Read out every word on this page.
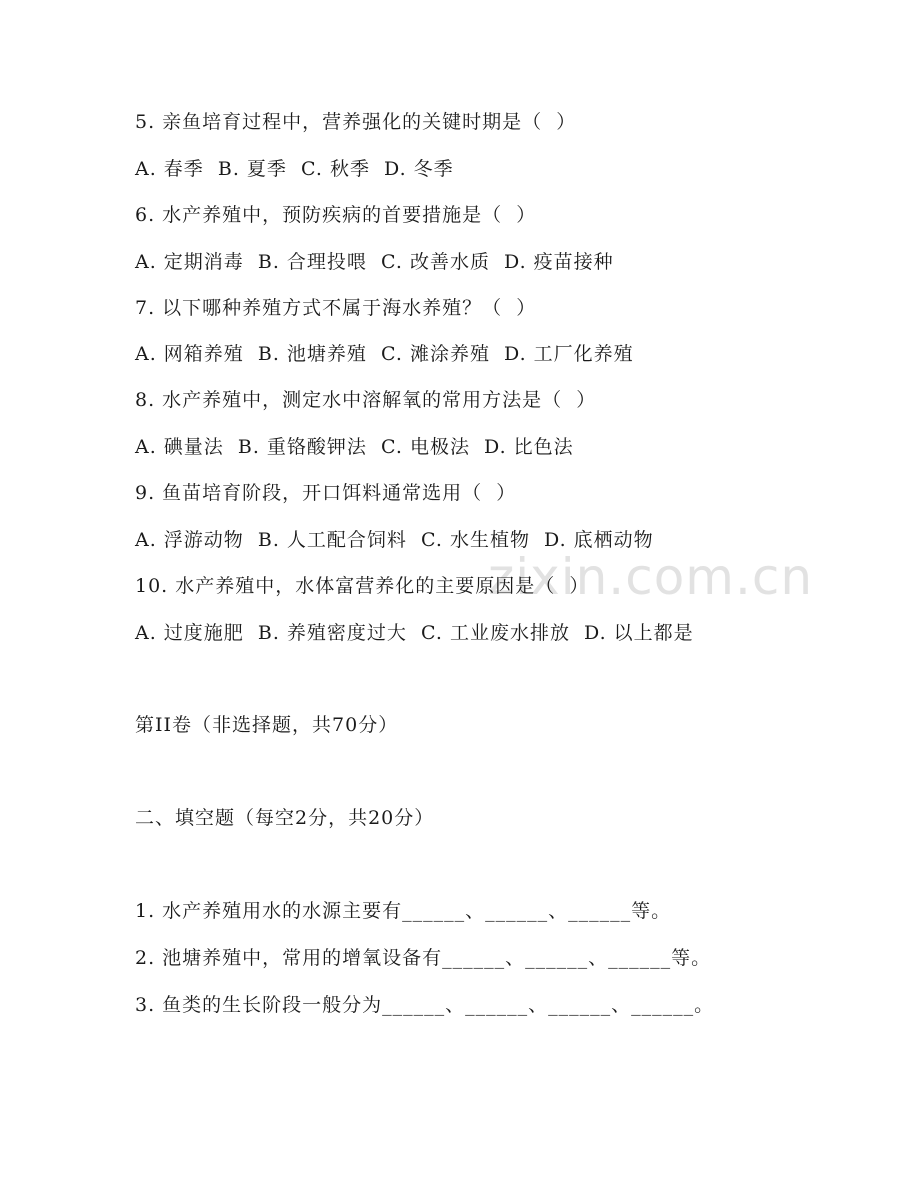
zixin.com.cn
5. 亲鱼培育过程中，营养强化的关键时期是（  ）
A. 春季  B. 夏季  C. 秋季  D. 冬季
6. 水产养殖中，预防疾病的首要措施是（  ）
A. 定期消毒  B. 合理投喂  C. 改善水质  D. 疫苗接种
7. 以下哪种养殖方式不属于海水养殖？（  ）
A. 网箱养殖  B. 池塘养殖  C. 滩涂养殖  D. 工厂化养殖
8. 水产养殖中，测定水中溶解氧的常用方法是（  ）
A. 碘量法  B. 重铬酸钾法  C. 电极法  D. 比色法
9. 鱼苗培育阶段，开口饵料通常选用（  ）
A. 浮游动物  B. 人工配合饲料  C. 水生植物  D. 底栖动物
10. 水产养殖中，水体富营养化的主要原因是（  ）
A. 过度施肥  B. 养殖密度过大  C. 工业废水排放  D. 以上都是
第II卷（非选择题，共70分）
二、填空题（每空2分，共20分）
1. 水产养殖用水的水源主要有______、______、______等。
2. 池塘养殖中，常用的增氧设备有______、______、______等。
3. 鱼类的生长阶段一般分为______、______、______、______。
